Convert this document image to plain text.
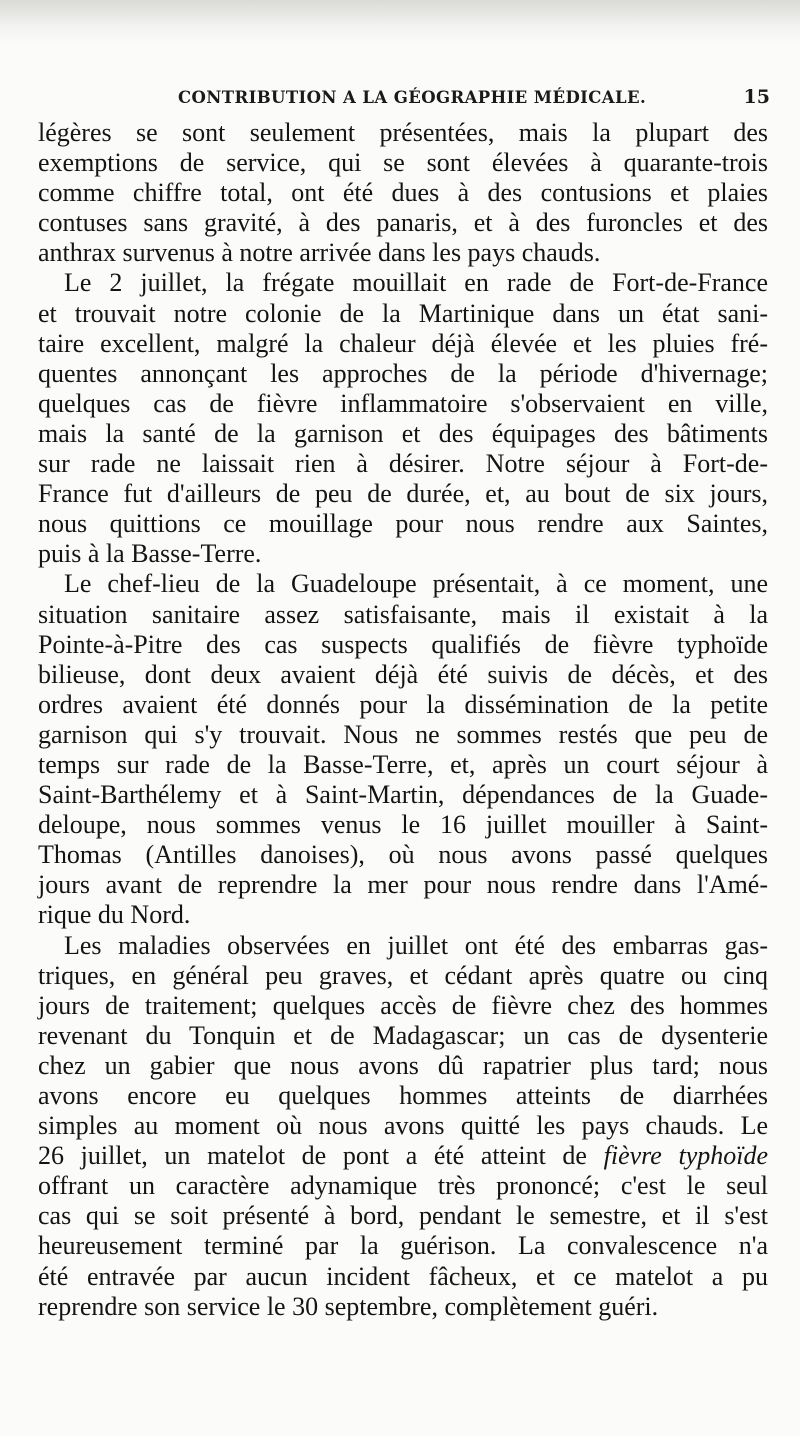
CONTRIBUTION A LA GÉOGRAPHIE MÉDICALE.	15
légères se sont seulement présentées, mais la plupart des
exemptions de service, qui se sont élevées à quarante-trois
comme chiffre total, ont été dues à des contusions et plaies
contuses sans gravité, à des panaris, et à des furoncles et des
anthrax survenus à notre arrivée dans les pays chauds.
Le 2 juillet, la frégate mouillait en rade de Fort-de-France
et trouvait notre colonie de la Martinique dans un état sani-
taire excellent, malgré la chaleur déjà élevée et les pluies fré-
quentes annonçant les approches de la période d'hivernage;
quelques cas de fièvre inflammatoire s'observaient en ville,
mais la santé de la garnison et des équipages des bâtiments
sur rade ne laissait rien à désirer. Notre séjour à Fort-de-
France fut d'ailleurs de peu de durée, et, au bout de six jours,
nous quittions ce mouillage pour nous rendre aux Saintes,
puis à la Basse-Terre.
Le chef-lieu de la Guadeloupe présentait, à ce moment, une
situation sanitaire assez satisfaisante, mais il existait à la
Pointe-à-Pitre des cas suspects qualifiés de fièvre typhoïde
bilieuse, dont deux avaient déjà été suivis de décès, et des
ordres avaient été donnés pour la dissémination de la petite
garnison qui s'y trouvait. Nous ne sommes restés que peu de
temps sur rade de la Basse-Terre, et, après un court séjour à
Saint-Barthélemy et à Saint-Martin, dépendances de la Guade-
deloupe, nous sommes venus le 16 juillet mouiller à Saint-
Thomas (Antilles danoises), où nous avons passé quelques
jours avant de reprendre la mer pour nous rendre dans l'Amé-
rique du Nord.
Les maladies observées en juillet ont été des embarras gas-
triques, en général peu graves, et cédant après quatre ou cinq
jours de traitement; quelques accès de fièvre chez des hommes
revenant du Tonquin et de Madagascar; un cas de dysenterie
chez un gabier que nous avons dû rapatrier plus tard; nous
avons encore eu quelques hommes atteints de diarrhées
simples au moment où nous avons quitté les pays chauds. Le
26 juillet, un matelot de pont a été atteint de fièvre typhoïde
offrant un caractère adynamique très prononcé; c'est le seul
cas qui se soit présenté à bord, pendant le semestre, et il s'est
heureusement terminé par la guérison. La convalescence n'a
été entravée par aucun incident fâcheux, et ce matelot a pu
reprendre son service le 30 septembre, complètement guéri.
